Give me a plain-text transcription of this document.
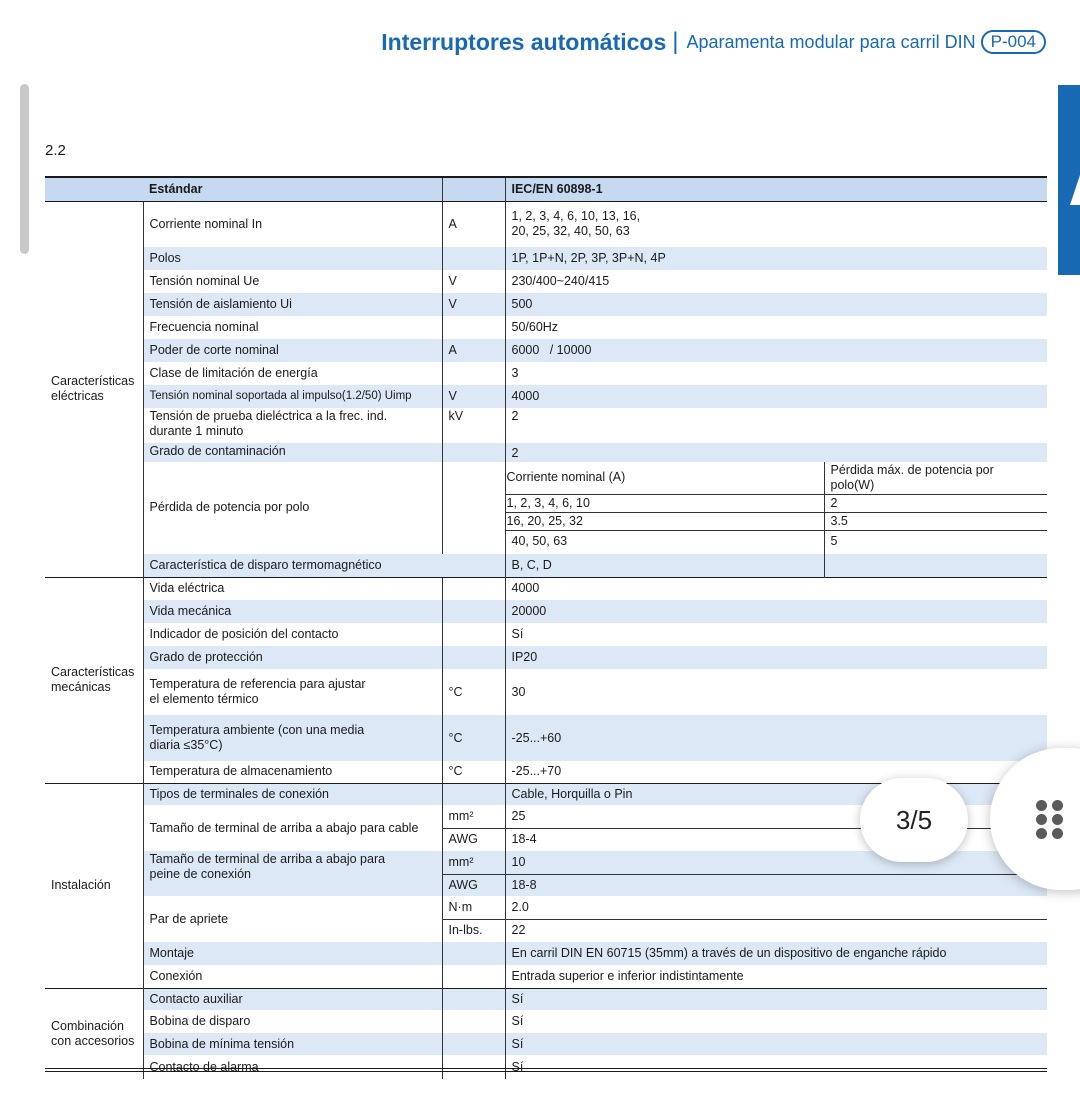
Interruptores automáticos | Aparamenta modular para carril DIN P-004
2.2
	Estándar		IEC/EN 60898-1	
Características eléctricas	Corriente nominal In	A	1, 2, 3, 4, 6, 10, 13, 16,
20, 25, 32, 40, 50, 63	

	Polos		1P, 1P+N, 2P, 3P, 3P+N, 4P	
	Tensión nominal Ue	V	230/400~240/415	
	Tensión de aislamiento Ui	V	500	
	Frecuencia nominal		50/60Hz	
	Poder de corte nominal	A	6000   / 10000	
	Clase de limitación de energía		3	
	Tensión nominal soportada al impulso(1.2/50) Uimp	V	4000	

	Tensión de prueba dieléctrica a la frec. ind.
durante 1 minuto	kV	2	
	Grado de contaminación		2	
	Pérdida de potencia por polo		Corriente nominal (A)	Pérdida máx. de potencia por polo(W)
			1, 2, 3, 4, 6, 10	2
			16, 20, 25, 32	3.5
			40, 50, 63	5

	Característica de disparo termomagnético		B, C, D	
Características mecánicas	Vida eléctrica		4000	
	Vida mecánica		20000	
	Indicador de posición del contacto		Sí	
	Grado de protección		IP20	

	Temperatura de referencia para ajustar
el elemento térmico	°C	30	

	Temperatura ambiente (con una media
diaria ≤35°C)	°C	-25...+60	
	Temperatura de almacenamiento	°C	-25...+70	
Instalación	Tipos de terminales de conexión		Cable, Horquilla o Pin	
	Tamaño de terminal de arriba a abajo para cable	mm²	25	
		AWG	18-4	

	Tamaño de terminal de arriba a abajo para
peine de conexión	mm²	10	
		AWG	18-8	
	Par de apriete	N·m	2.0	
		In-lbs.	22	
	Montaje		En carril DIN EN 60715 (35mm) a través de un dispositivo de enganche rápido	
	Conexión		Entrada superior e inferior indistintamente	
Combinación con accesorios	Contacto auxiliar		Sí	
	Bobina de disparo		Sí	
	Bobina de mínima tensión		Sí	
	Contacto de alarma		Sí	
3/5
